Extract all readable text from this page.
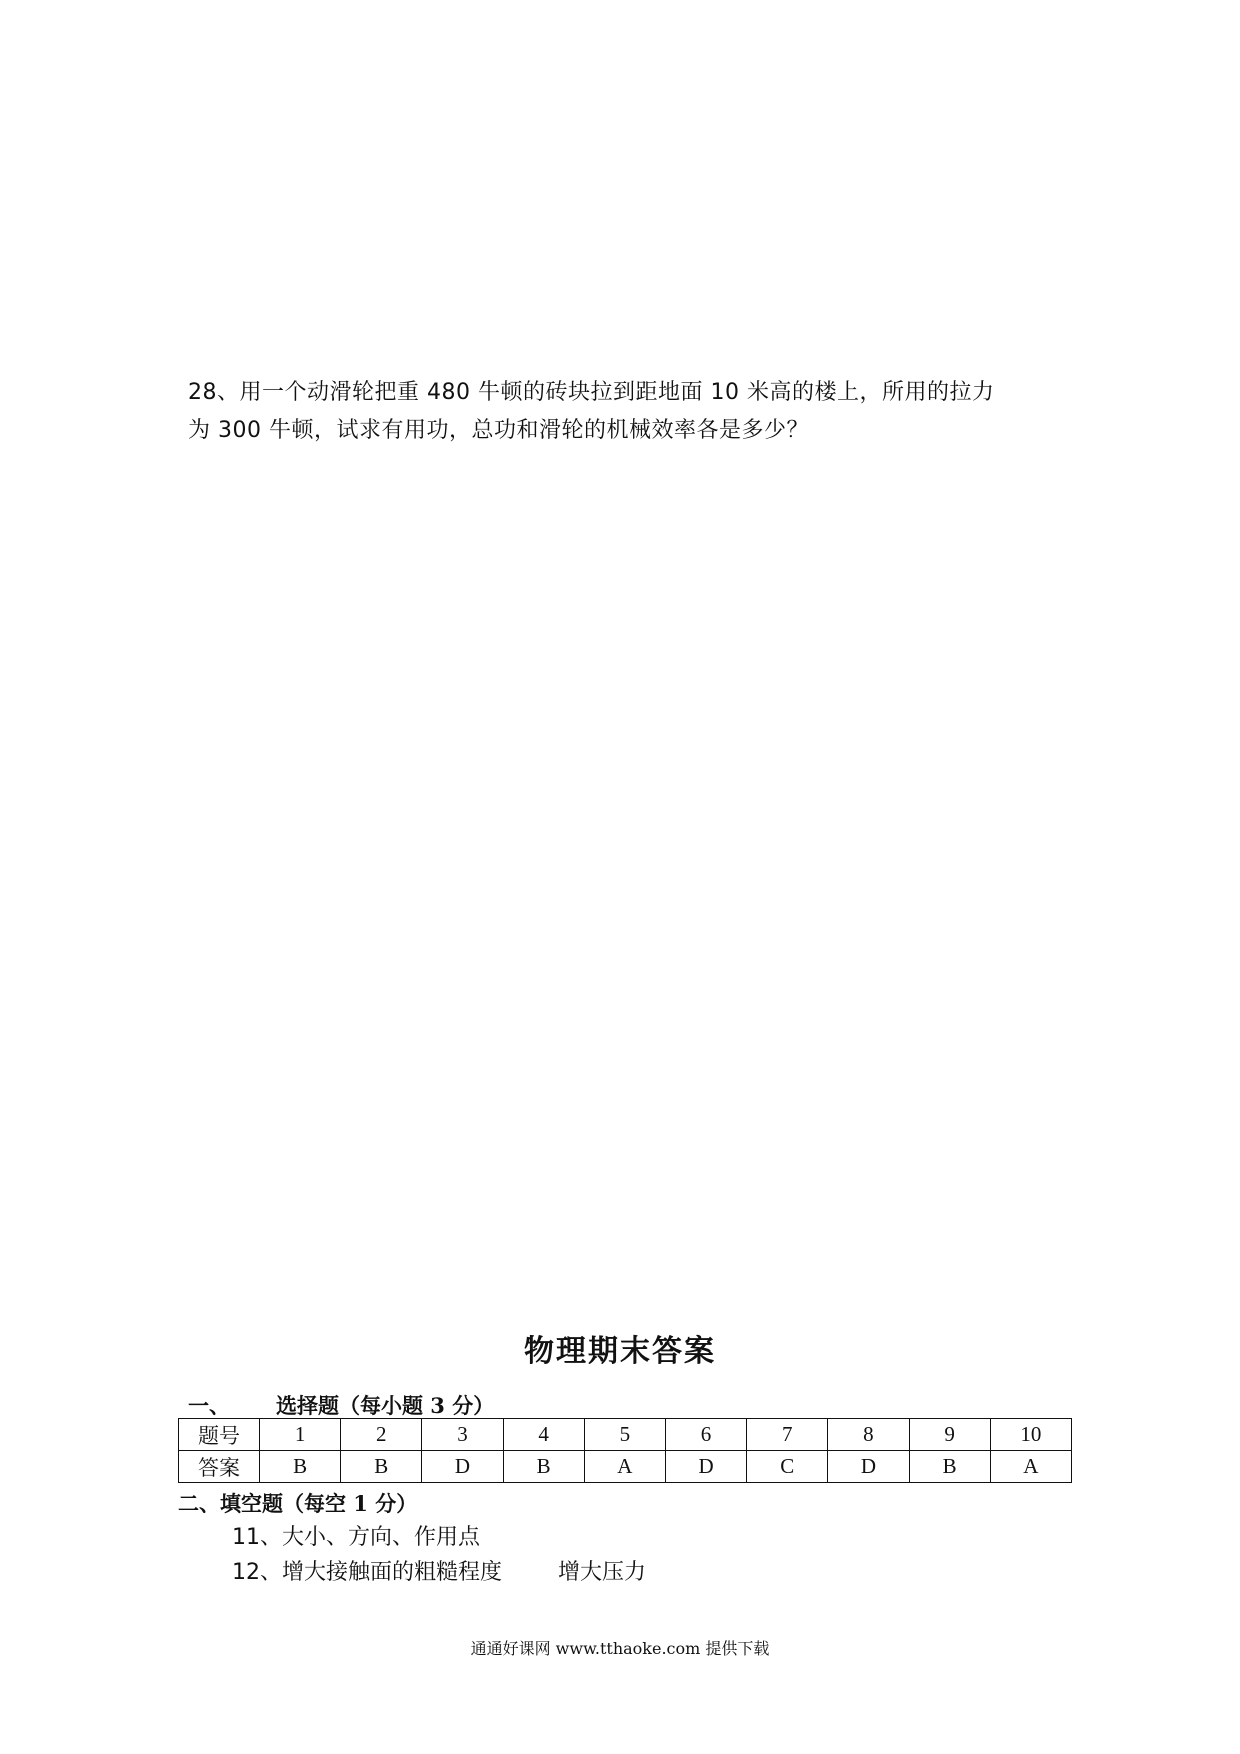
28、用一个动滑轮把重 480 牛顿的砖块拉到距地面 10 米高的楼上，所用的拉力
为 300 牛顿，试求有用功，总功和滑轮的机械效率各是多少？
物理期末答案
一、 选择题（每小题 3 分）
题号	1	2	3	4	5	6	7	8	9	10
答案	B	B	D	B	A	D	C	D	B	A
二、填空题（每空 1 分）
11、大小、方向、作用点
12、增大接触面的粗糙程度        增大压力
通通好课网 www.tthaoke.com 提供下载
